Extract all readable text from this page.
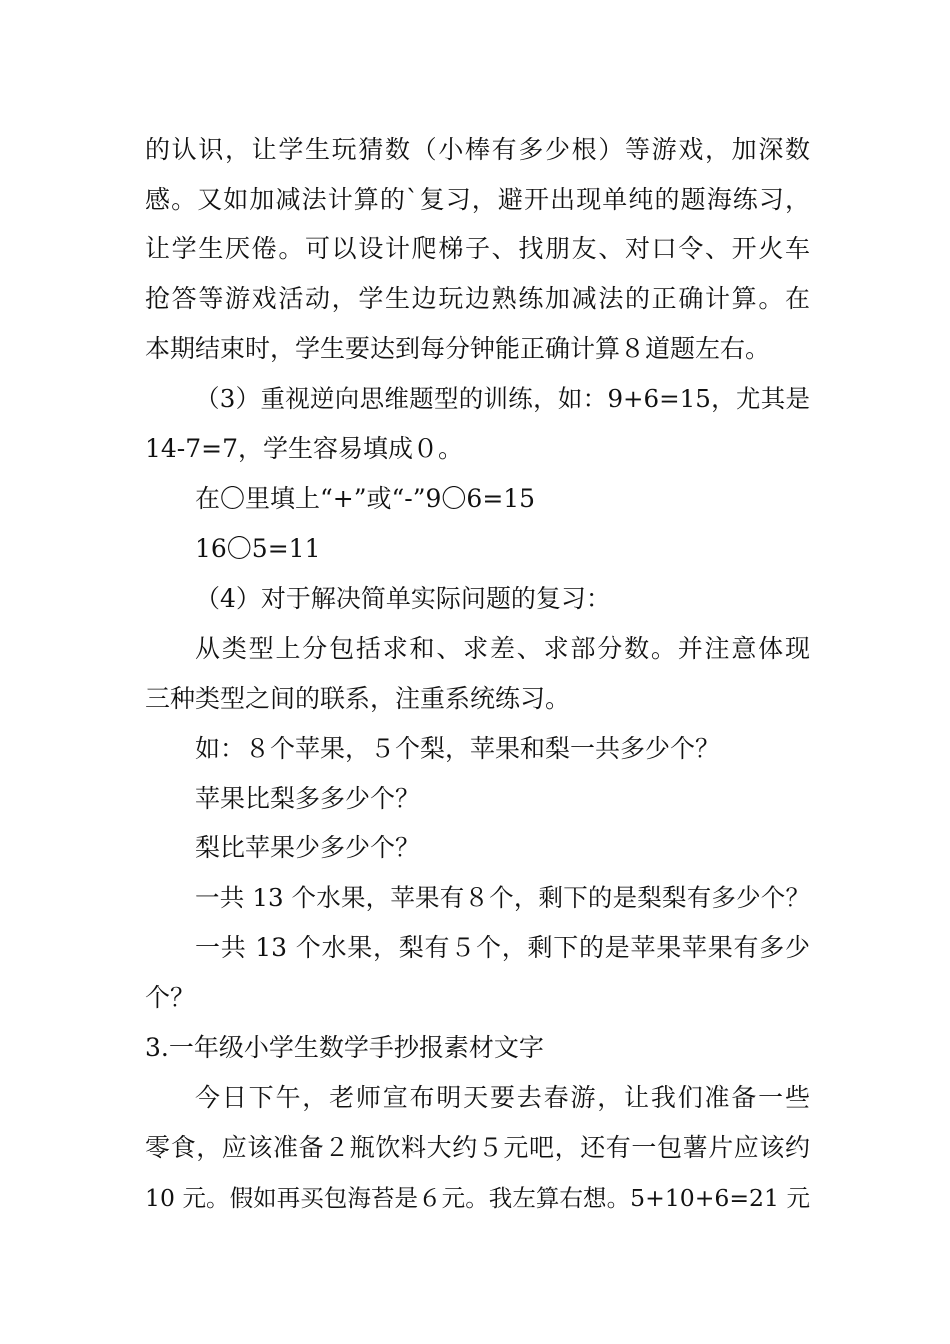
的认识，让学生玩猜数（小棒有多少根）等游戏，加深数
感。又如加减法计算的`复习，避开出现单纯的题海练习，
让学生厌倦。可以设计爬梯子、找朋友、对口令、开火车
抢答等游戏活动，学生边玩边熟练加减法的正确计算。在
本期结束时，学生要达到每分钟能正确计算８道题左右。
（3）重视逆向思维题型的训练，如：9+6=15，尤其是
14-7=7，学生容易填成０。
在〇里填上“+”或“-”9〇6=15
16〇5=11
（4）对于解决简单实际问题的复习：
从类型上分包括求和、求差、求部分数。并注意体现
三种类型之间的联系，注重系统练习。
如：８个苹果，５个梨，苹果和梨一共多少个？
苹果比梨多多少个？
梨比苹果少多少个？
一共 13 个水果，苹果有８个，剩下的是梨梨有多少个？
一共 13 个水果，梨有５个，剩下的是苹果苹果有多少
个？
3.一年级小学生数学手抄报素材文字
今日下午，老师宣布明天要去春游，让我们准备一些
零食，应该准备２瓶饮料大约５元吧，还有一包薯片应该约
10 元。假如再买包海苔是６元。我左算右想。5+10+6=21 元
